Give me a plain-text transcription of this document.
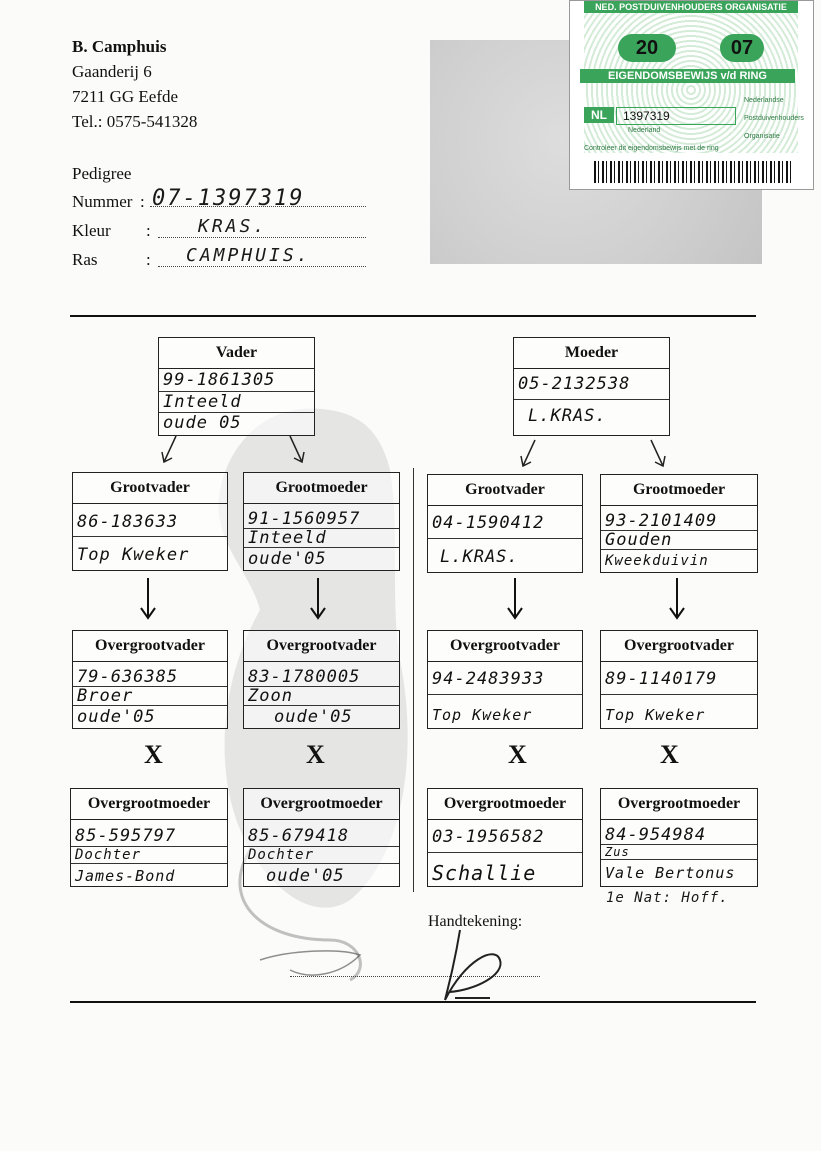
B. Camphuis
Gaanderij 6
7211 GG Eefde
Tel.: 0575-541328
Pedigree
Nummer : 07-1397319
Kleur :	KRAS.
Ras	: CAMPHUIS.
NED. POSTDUIVENHOUDERS ORGANISATIE
20	07
EIGENDOMSBEWIJS v/d RING
NL	1397319
Nederland
Nederlandse
Postduivenhouders
Organisatie
Controleer dit eigendomsbewijs met de ring
Vader
99-1861305
Inteeld
oude 05
Moeder
05-2132538
L.KRAS.
Grootvader
86-183633
Top Kweker
Grootmoeder
91-1560957
Inteeld
oude'05
Grootvader
04-1590412
L.KRAS.
Grootmoeder
93-2101409
Gouden
Kweekduivin
Overgrootvader
79-636385
Broer
oude'05
Overgrootvader
83-1780005
Zoon
oude'05
Overgrootvader
94-2483933
Top Kweker
Overgrootvader
89-1140179
Top Kweker
X	X	X	X
Overgrootmoeder
85-595797
Dochter
James-Bond
Overgrootmoeder
85-679418
Dochter
oude'05
Overgrootmoeder
03-1956582
Schallie
Overgrootmoeder
84-954984
Zus
Vale Bertonus
1e Nat: Hoff.
Handtekening:
